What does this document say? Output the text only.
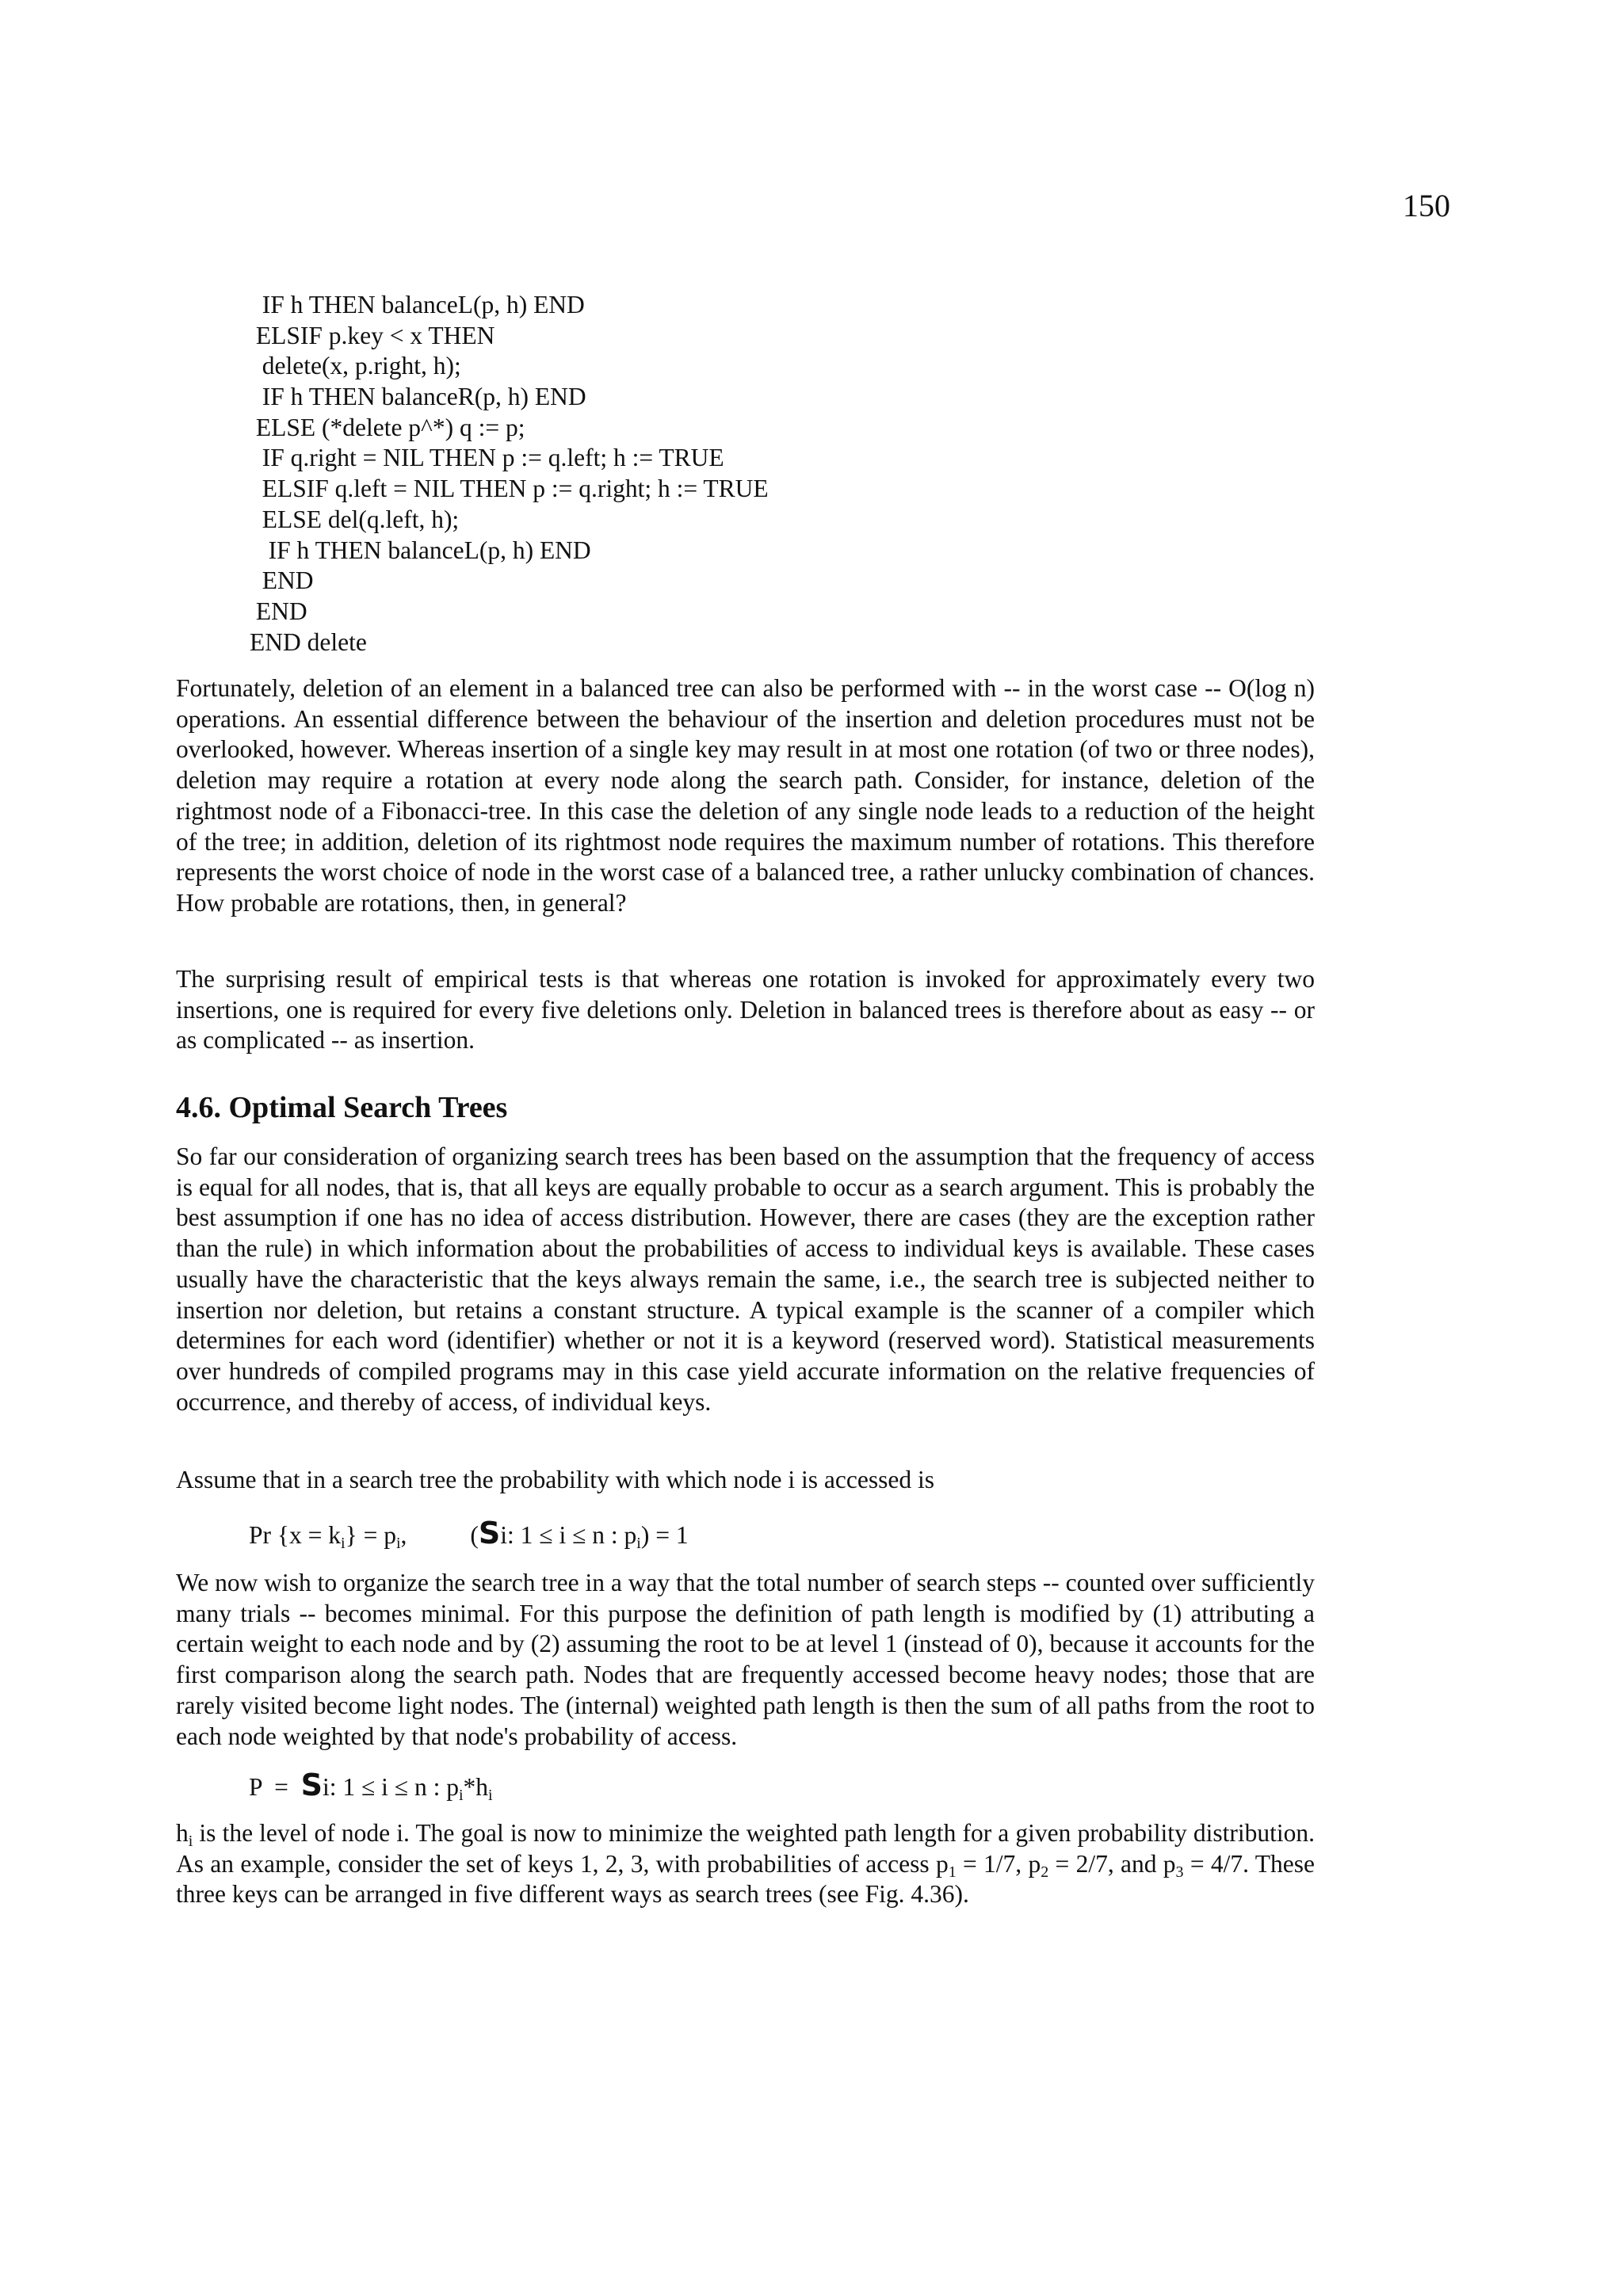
150
IF h THEN balanceL(p, h) END
ELSIF p.key < x THEN
delete(x, p.right, h);
IF h THEN balanceR(p, h) END
ELSE (*delete p^*) q := p;
IF q.right = NIL THEN p := q.left; h := TRUE
ELSIF q.left = NIL THEN p := q.right; h := TRUE
ELSE del(q.left, h);
IF h THEN balanceL(p, h) END
END
END
END delete

Fortunately, deletion of an element in a balanced tree can also be performed with -- in the worst case -- O(log n) operations. An essential difference between the behaviour of the insertion and deletion procedures must not be overlooked, however. Whereas insertion of a single key may result in at most one rotation (of two or three nodes), deletion may require a rotation at every node along the search path. Consider, for instance, deletion of the rightmost node of a Fibonacci-tree. In this case the deletion of any single node leads to a reduction of the height of the tree; in addition, deletion of its rightmost node requires the maximum number of rotations. This therefore represents the worst choice of node in the worst case of a balanced tree, a rather unlucky combination of chances. How probable are rotations, then, in general?

The surprising result of empirical tests is that whereas one rotation is invoked for approximately every two insertions, one is required for every five deletions only. Deletion in balanced trees is therefore about as easy -- or as complicated -- as insertion.

4.6. Optimal Search Trees

So far our consideration of organizing search trees has been based on the assumption that the frequency of access is equal for all nodes, that is, that all keys are equally probable to occur as a search argument. This is probably the best assumption if one has no idea of access distribution. However, there are cases (they are the exception rather than the rule) in which information about the probabilities of access to individual keys is available. These cases usually have the characteristic that the keys always remain the same, i.e., the search tree is subjected neither to insertion nor deletion, but retains a constant structure. A typical example is the scanner of a compiler which determines for each word (identifier) whether or not it is a keyword (reserved word). Statistical measurements over hundreds of compiled programs may in this case yield accurate information on the relative frequencies of occurrence, and thereby of access, of individual keys.

Assume that in a search tree the probability with which node i is accessed is

Pr $\{x = k_i\} = p_i$,	(Si: 1 ≤ i ≤ n : $p_i) = 1$

We now wish to organize the search tree in a way that the total number of search steps -- counted over sufficiently many trials -- becomes minimal. For this purpose the definition of path length is modified by (1) attributing a certain weight to each node and by (2) assuming the root to be at level 1 (instead of 0), because it accounts for the first comparison along the search path. Nodes that are frequently accessed become heavy nodes; those that are rarely visited become light nodes. The (internal) weighted path length is then the sum of all paths from the root to each node weighted by that node's probability of access.

P  =  Si: 1 ≤ i ≤ n : $p_i*h_i$

$h_i$ is the level of node i. The goal is now to minimize the weighted path length for a given probability distribution. As an example, consider the set of keys 1, 2, 3, with probabilities of access $p_1 = 1/7$, $p_2 = 2/7$, and $p_3 = 4/7$. These three keys can be arranged in five different ways as search trees (see Fig. 4.36).
